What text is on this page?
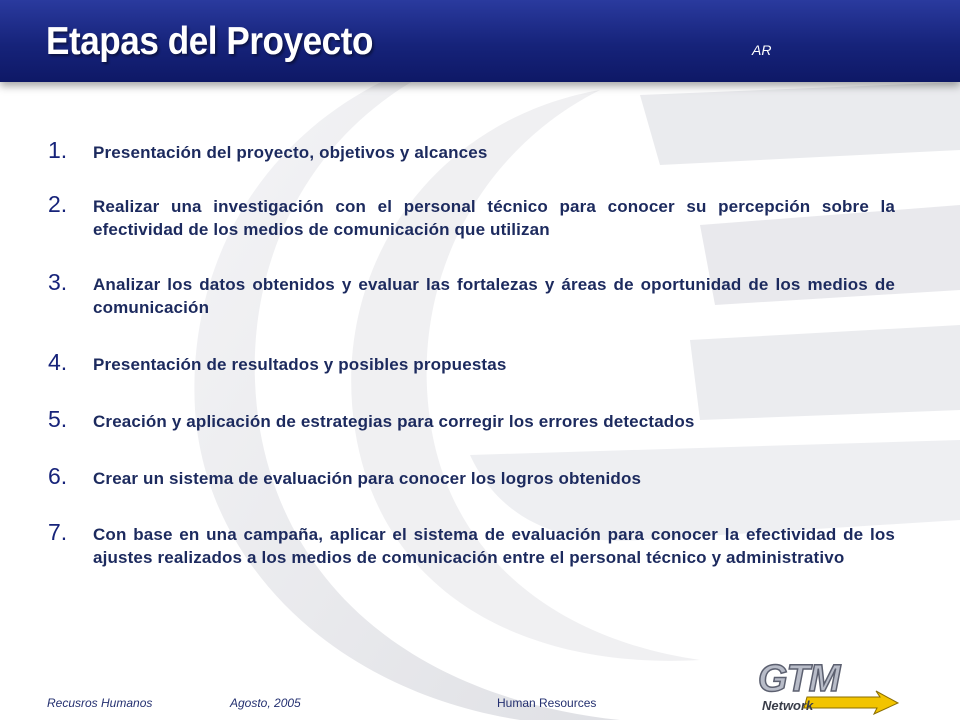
Etapas del Proyecto	AR
1. Presentación del proyecto, objetivos y alcances
2. Realizar una investigación con el personal técnico para conocer su percepción sobre la efectividad de los medios de comunicación que utilizan
3. Analizar los datos obtenidos y evaluar las fortalezas y áreas de oportunidad de los medios de comunicación
4. Presentación de resultados y posibles propuestas
5. Creación y aplicación de estrategias para corregir los errores detectados
6. Crear un sistema de evaluación para conocer los logros obtenidos
7. Con base en una campaña, aplicar el sistema de evaluación para conocer la efectividad de los ajustes realizados a los medios de comunicación entre el personal técnico y administrativo
Recusros Humanos	Agosto, 2005	Human Resources
GTM
Network
